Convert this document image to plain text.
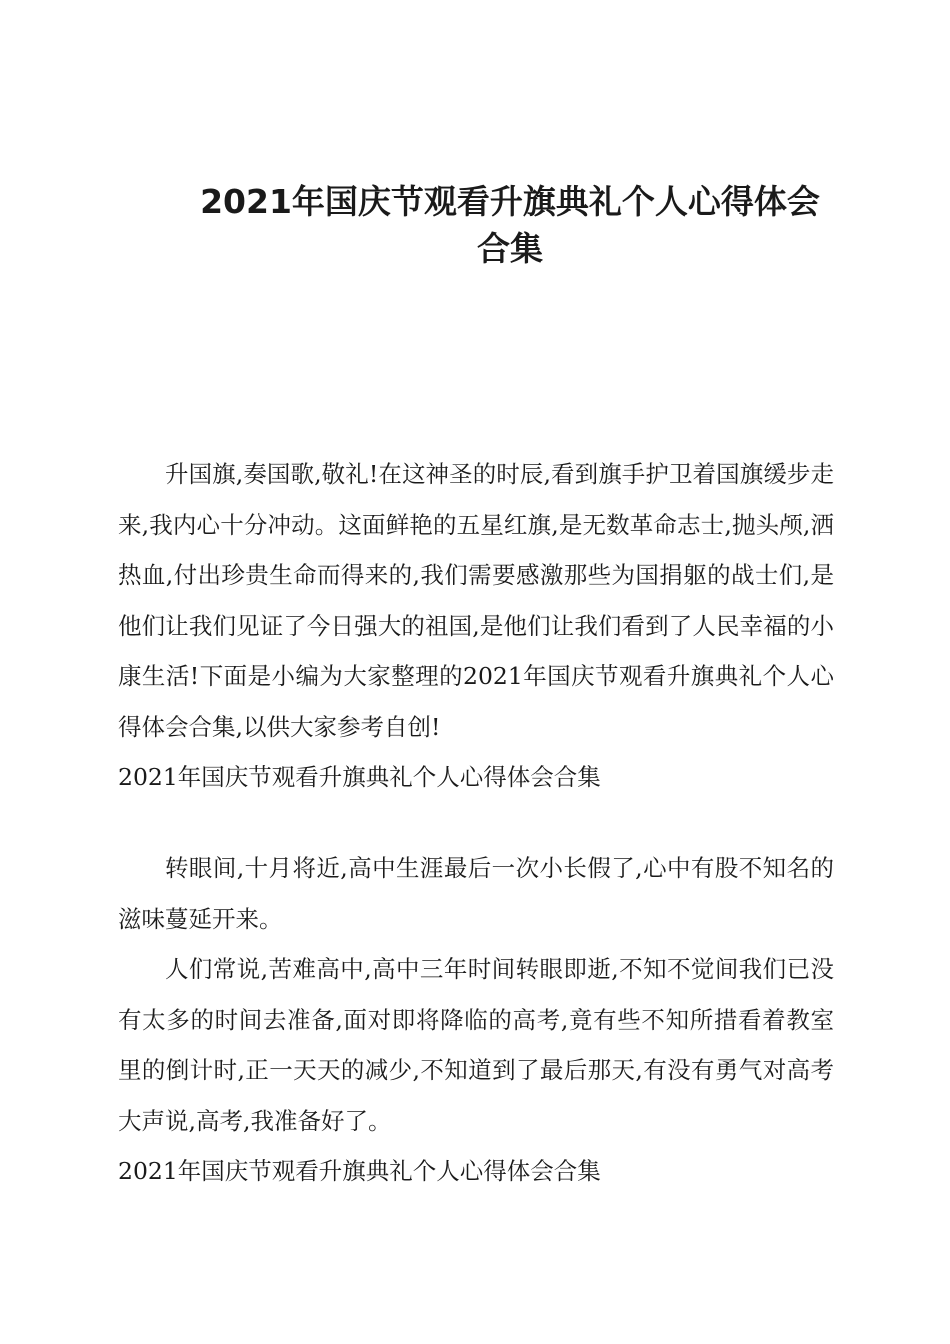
2021年国庆节观看升旗典礼个人心得体会
合集

升国旗,奏国歌,敬礼!在这神圣的时辰,看到旗手护卫着国旗缓步走来,我内心十分冲动。这面鲜艳的五星红旗,是无数革命志士,抛头颅,洒热血,付出珍贵生命而得来的,我们需要感激那些为国捐躯的战士们,是他们让我们见证了今日强大的祖国,是他们让我们看到了人民幸福的小康生活!下面是小编为大家整理的2021年国庆节观看升旗典礼个人心得体会合集,以供大家参考自创!

2021年国庆节观看升旗典礼个人心得体会合集

转眼间,十月将近,高中生涯最后一次小长假了,心中有股不知名的滋味蔓延开来。

人们常说,苦难高中,高中三年时间转眼即逝,不知不觉间我们已没有太多的时间去准备,面对即将降临的高考,竟有些不知所措看着教室里的倒计时,正一天天的减少,不知道到了最后那天,有没有勇气对高考大声说,高考,我准备好了。

2021年国庆节观看升旗典礼个人心得体会合集
